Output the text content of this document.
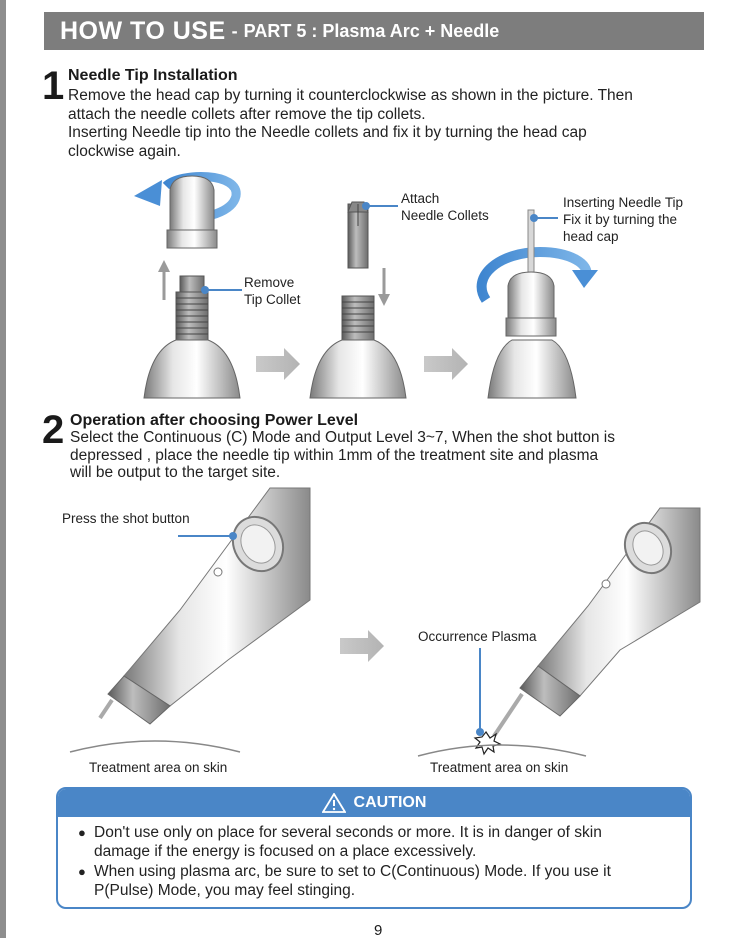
HOW TO USE - PART 5 : Plasma Arc + Needle
1 Needle Tip Installation
Remove the head cap by turning it counterclockwise as shown in the picture. Then
attach the needle collets after remove the tip collets.
Inserting Needle tip into the Needle collets and fix it by turning the head cap
clockwise again.
Remove
Tip Collet
Attach
Needle Collets
Inserting Needle Tip
Fix it by turning the
head cap
2 Operation after choosing Power Level
Select the Continuous (C) Mode and Output Level 3~7, When the shot button is
depressed , place the needle tip within 1mm of the treatment site and plasma
will be output to the target site.
Press the shot button
Occurrence Plasma
Treatment area on skin	Treatment area on skin
CAUTION
● Don't use only on place for several seconds or more. It is in danger of skin
damage if the energy is focused on a place excessively.
● When using plasma arc, be sure to set to C(Continuous) Mode. If you use it
P(Pulse) Mode, you may feel stinging.
9
